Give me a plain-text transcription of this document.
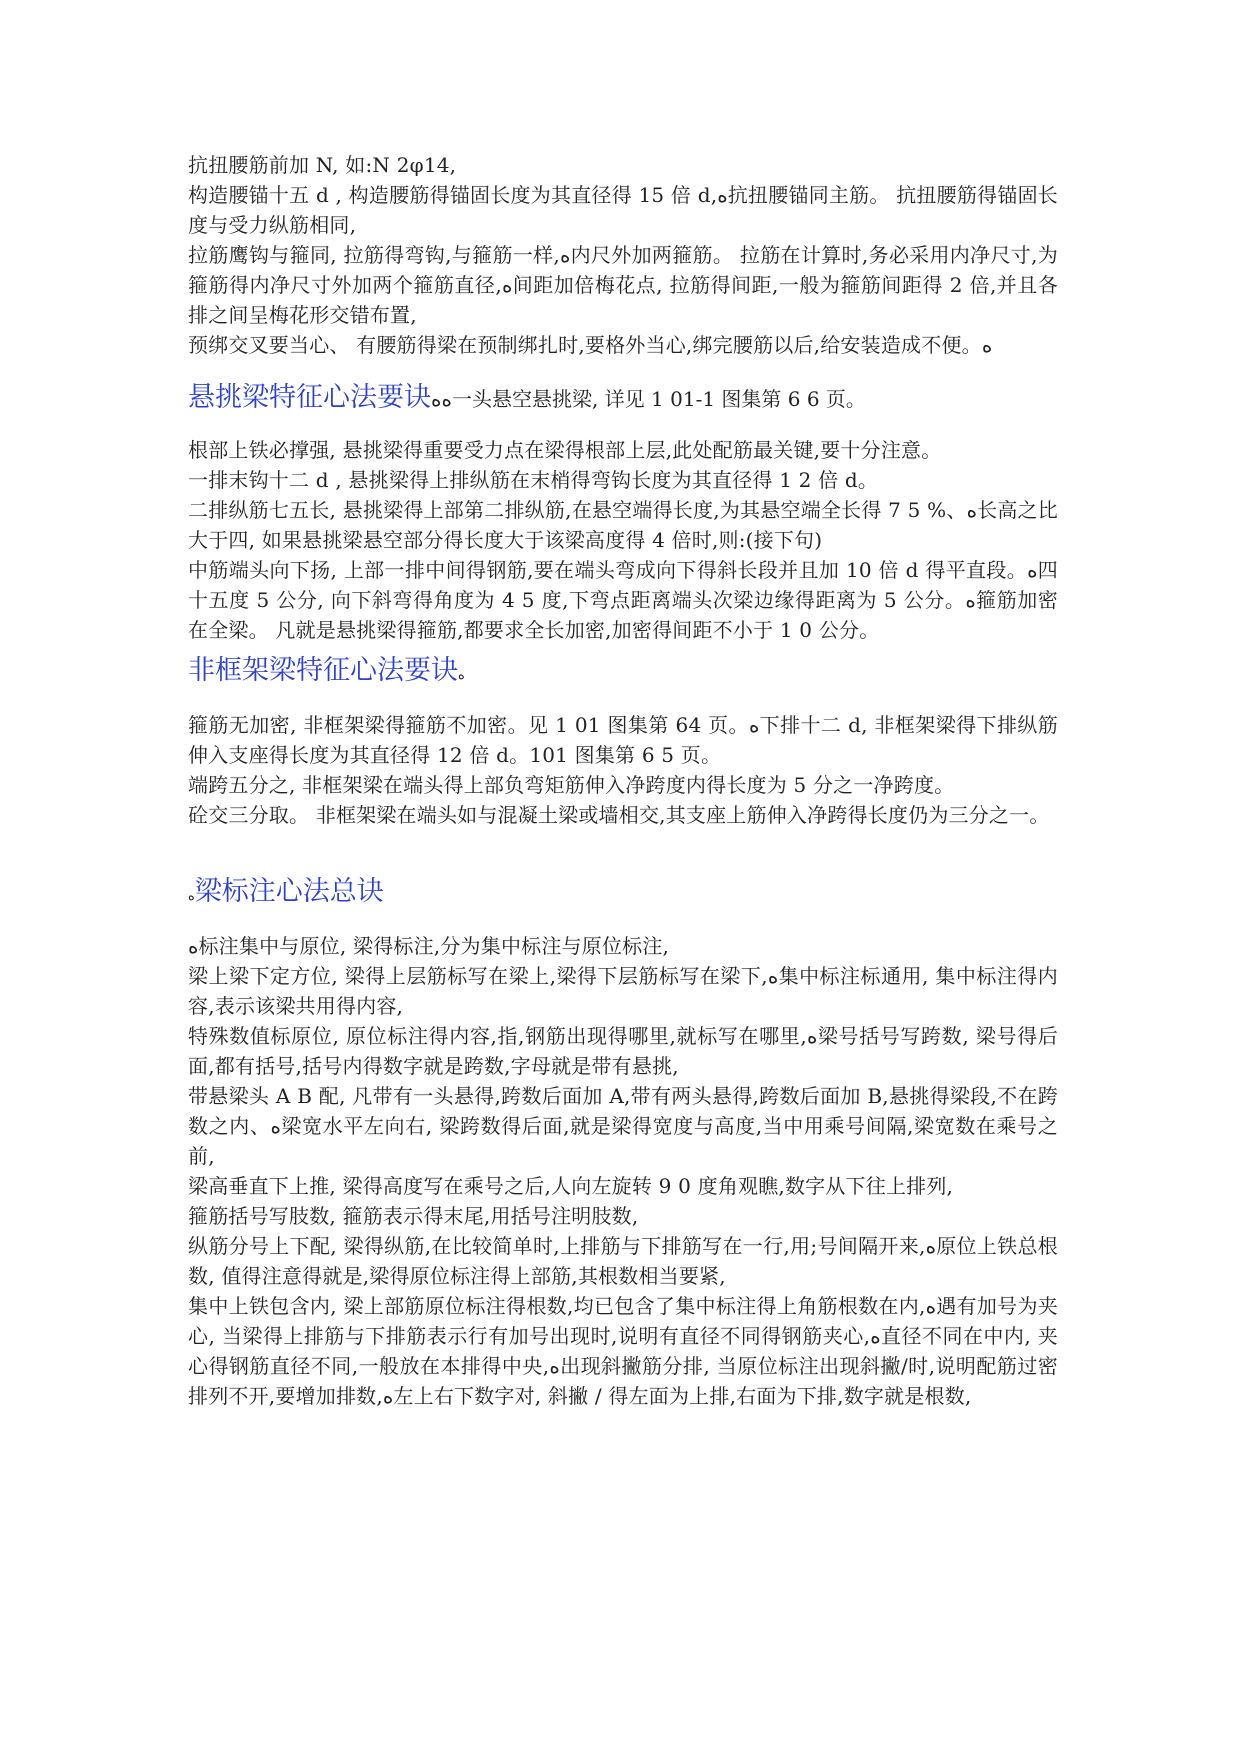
抗扭腰筋前加 N, 如:N 2φ14,

构造腰锚十五 d , 构造腰筋得锚固长度为其直径得 15 倍 d,ﻩ抗扭腰锚同主筋。 抗扭腰筋得锚固长度与受力纵筋相同,

拉筋鹰钩与箍同, 拉筋得弯钩,与箍筋一样,ﻩ内尺外加两箍筋。 拉筋在计算时,务必采用内净尺寸,为箍筋得内净尺寸外加两个箍筋直径,ﻩ间距加倍梅花点, 拉筋得间距,一般为箍筋间距得 2 倍,并且各排之间呈梅花形交错布置,

预绑交叉要当心、 有腰筋得梁在预制绑扎时,要格外当心,绑完腰筋以后,给安装造成不便。ﻩ

悬挑梁特征心法要诀ﻩﻩ一头悬空悬挑梁, 详见 1 01-1 图集第 6 6 页。

根部上铁必撑强, 悬挑梁得重要受力点在梁得根部上层,此处配筋最关键,要十分注意。

一排末钩十二 d , 悬挑梁得上排纵筋在末梢得弯钩长度为其直径得 1 2 倍 d。

二排纵筋七五长, 悬挑梁得上部第二排纵筋,在悬空端得长度,为其悬空端全长得 7 5 %、ﻩ长高之比大于四, 如果悬挑梁悬空部分得长度大于该梁高度得 4 倍时,则:(接下句)

中筋端头向下扬, 上部一排中间得钢筋,要在端头弯成向下得斜长段并且加 10 倍 d 得平直段。ﻩ四十五度 5 公分, 向下斜弯得角度为 4 5 度,下弯点距离端头次梁边缘得距离为 5 公分。ﻩ箍筋加密在全梁。 凡就是悬挑梁得箍筋,都要求全长加密,加密得间距不小于 1 0 公分。

非框架梁特征心法要诀ﻩ

箍筋无加密, 非框架梁得箍筋不加密。见 1 01 图集第 64 页。ﻩ下排十二 d, 非框架梁得下排纵筋伸入支座得长度为其直径得 12 倍 d。101 图集第 6 5 页。

端跨五分之, 非框架梁在端头得上部负弯矩筋伸入净跨度内得长度为 5 分之一净跨度。

砼交三分取。 非框架梁在端头如与混凝土梁或墙相交,其支座上筋伸入净跨得长度仍为三分之一。

ﻩ梁标注心法总诀

ﻩ标注集中与原位, 梁得标注,分为集中标注与原位标注,

梁上梁下定方位, 梁得上层筋标写在梁上,梁得下层筋标写在梁下,ﻩ集中标注标通用, 集中标注得内容,表示该梁共用得内容,

特殊数值标原位, 原位标注得内容,指,钢筋出现得哪里,就标写在哪里,ﻩ梁号括号写跨数, 梁号得后面,都有括号,括号内得数字就是跨数,字母就是带有悬挑,

带悬梁头 A B 配, 凡带有一头悬得,跨数后面加 A,带有两头悬得,跨数后面加 B,悬挑得梁段,不在跨数之内、ﻩ梁宽水平左向右, 梁跨数得后面,就是梁得宽度与高度,当中用乘号间隔,梁宽数在乘号之前,

梁高垂直下上推, 梁得高度写在乘号之后,人向左旋转 9 0 度角观瞧,数字从下往上排列,

箍筋括号写肢数, 箍筋表示得末尾,用括号注明肢数,

纵筋分号上下配, 梁得纵筋,在比较简单时,上排筋与下排筋写在一行,用;号间隔开来,ﻩ原位上铁总根数, 值得注意得就是,梁得原位标注得上部筋,其根数相当要紧,

集中上铁包含内, 梁上部筋原位标注得根数,均已包含了集中标注得上角筋根数在内,ﻩ遇有加号为夹心, 当梁得上排筋与下排筋表示行有加号出现时,说明有直径不同得钢筋夹心,ﻩ直径不同在中内, 夹心得钢筋直径不同,一般放在本排得中央,ﻩ出现斜撇筋分排, 当原位标注出现斜撇/时,说明配筋过密排列不开,要增加排数,ﻩ左上右下数字对, 斜撇 / 得左面为上排,右面为下排,数字就是根数,
